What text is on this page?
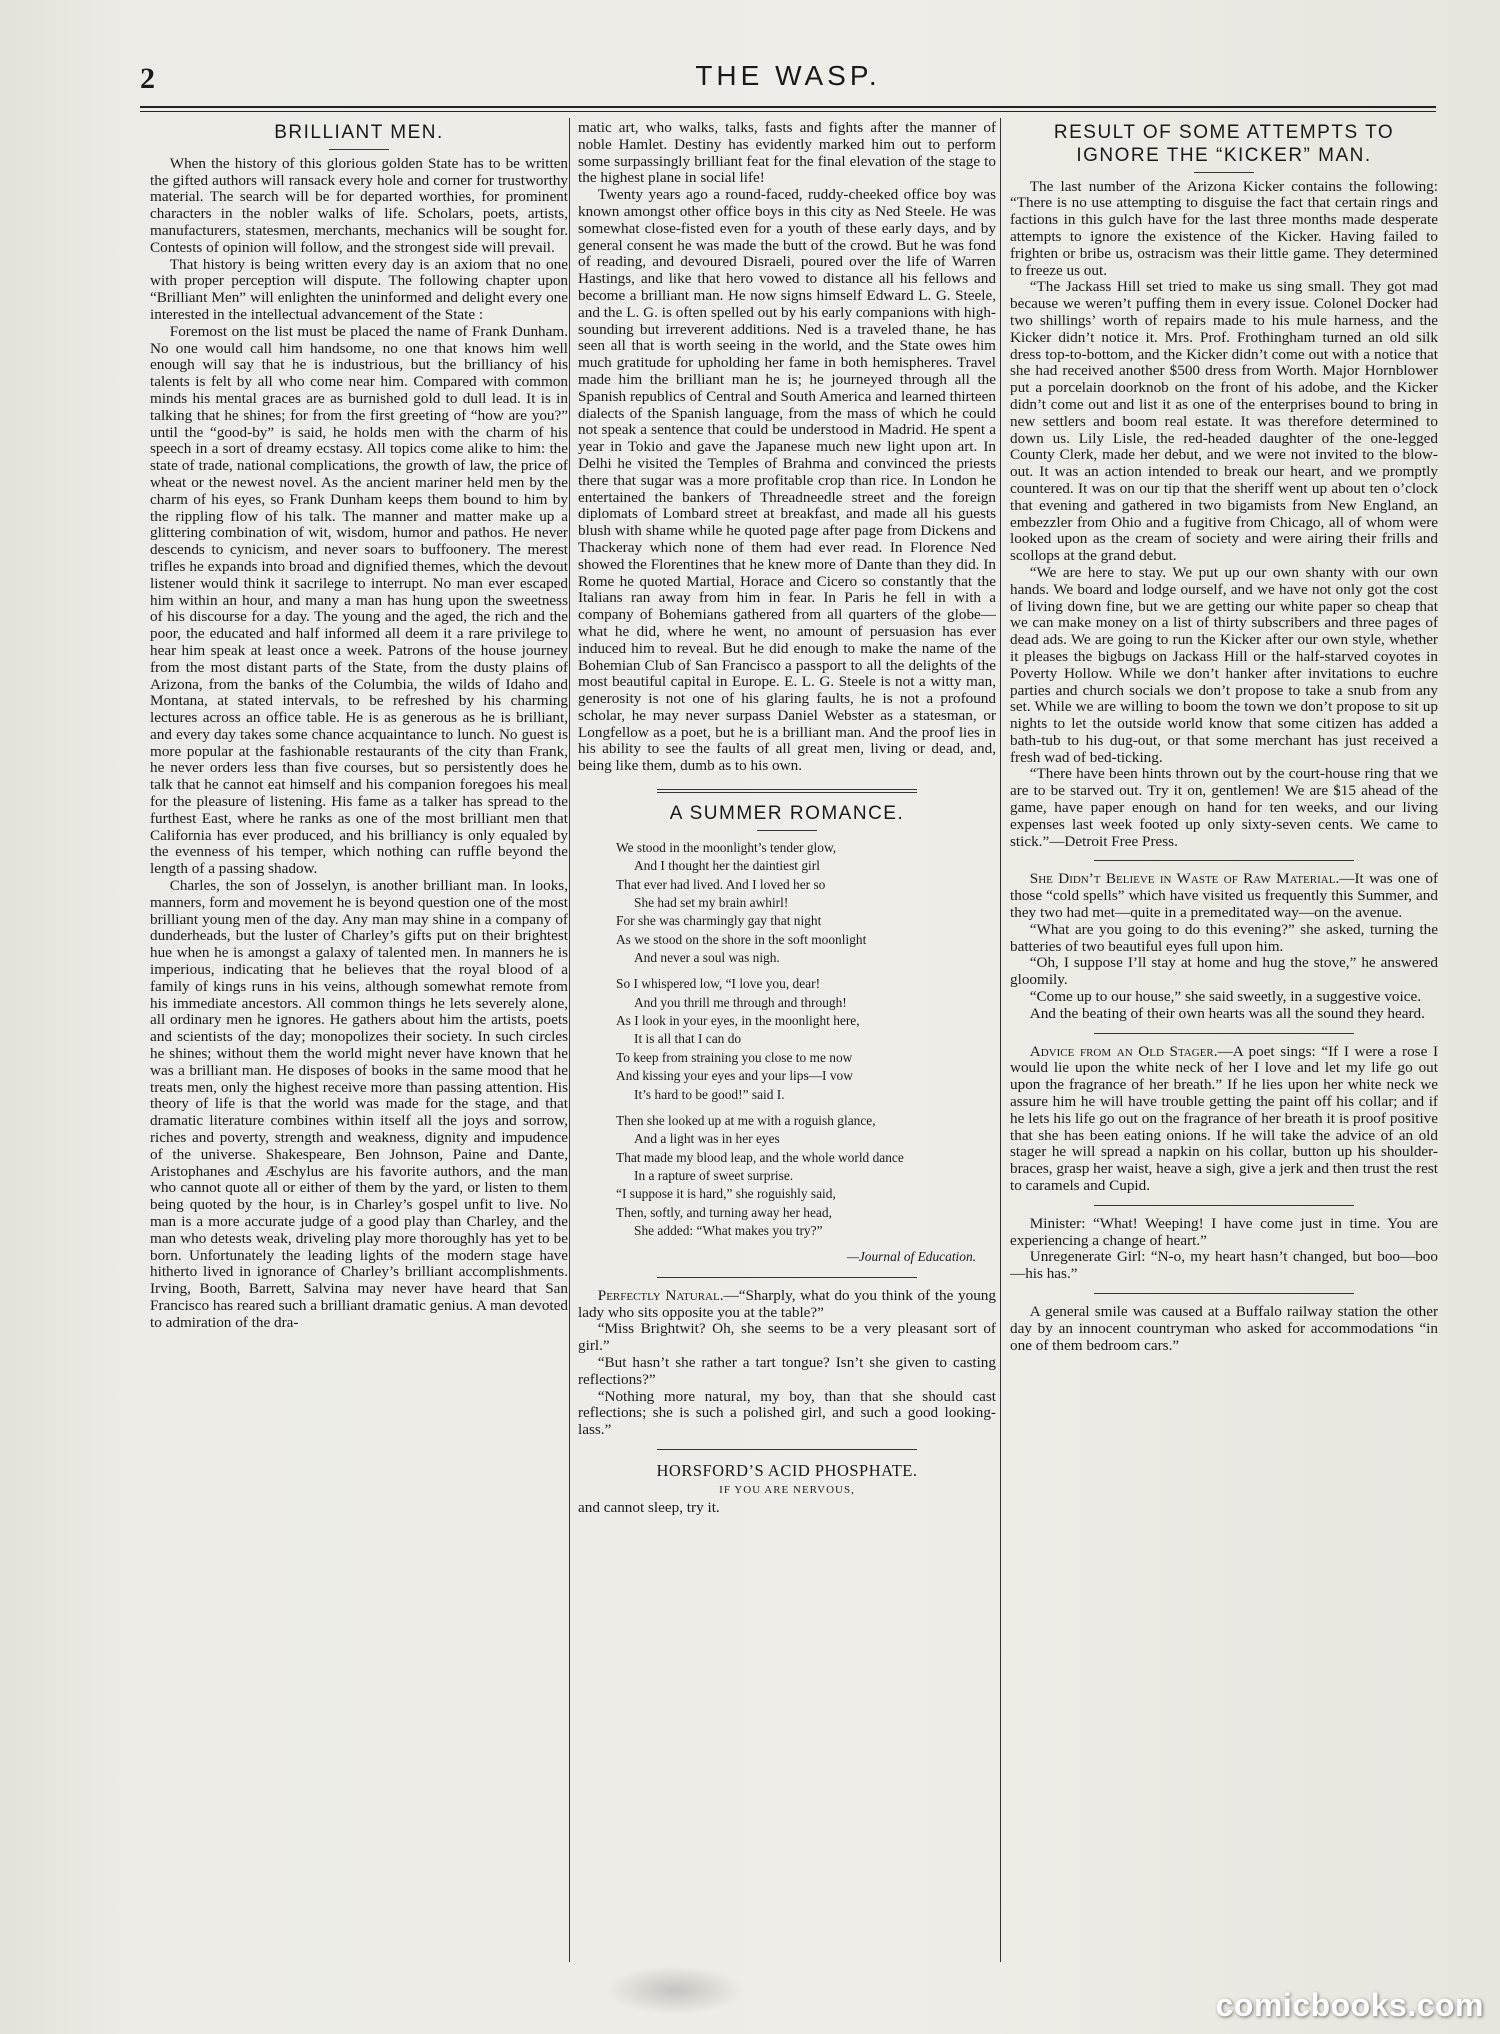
2	THE WASP.
BRILLIANT MEN.

When the history of this glorious golden State has to be written the gifted authors will ransack every hole and corner for trustworthy material. The search will be for departed worthies, for prominent characters in the nobler walks of life. Scholars, poets, artists, manufacturers, statesmen, merchants, mechanics will be sought for. Contests of opinion will follow, and the strongest side will prevail.

That history is being written every day is an axiom that no one with proper perception will dispute. The following chapter upon “Brilliant Men” will enlighten the uninformed and delight every one interested in the intellectual advancement of the State :

Foremost on the list must be placed the name of Frank Dunham. No one would call him handsome, no one that knows him well enough will say that he is industrious, but the brilliancy of his talents is felt by all who come near him. Compared with common minds his mental graces are as burnished gold to dull lead. It is in talking that he shines; for from the first greeting of “how are you?” until the “good-by” is said, he holds men with the charm of his speech in a sort of dreamy ecstasy. All topics come alike to him: the state of trade, national complications, the growth of law, the price of wheat or the newest novel. As the ancient mariner held men by the charm of his eyes, so Frank Dunham keeps them bound to him by the rippling flow of his talk. The manner and matter make up a glittering combination of wit, wisdom, humor and pathos. He never descends to cynicism, and never soars to buffoonery. The merest trifles he expands into broad and dignified themes, which the devout listener would think it sacrilege to interrupt. No man ever escaped him within an hour, and many a man has hung upon the sweetness of his discourse for a day. The young and the aged, the rich and the poor, the educated and half informed all deem it a rare privilege to hear him speak at least once a week. Patrons of the house journey from the most distant parts of the State, from the dusty plains of Arizona, from the banks of the Columbia, the wilds of Idaho and Montana, at stated intervals, to be refreshed by his charming lectures across an office table. He is as generous as he is brilliant, and every day takes some chance acquaintance to lunch. No guest is more popular at the fashionable restaurants of the city than Frank, he never orders less than five courses, but so persistently does he talk that he cannot eat himself and his companion foregoes his meal for the pleasure of listening. His fame as a talker has spread to the furthest East, where he ranks as one of the most brilliant men that California has ever produced, and his brilliancy is only equaled by the evenness of his temper, which nothing can ruffle beyond the length of a passing shadow.

Charles, the son of Josselyn, is another brilliant man. In looks, manners, form and movement he is beyond question one of the most brilliant young men of the day. Any man may shine in a company of dunderheads, but the luster of Charley’s gifts put on their brightest hue when he is amongst a galaxy of talented men. In manners he is imperious, indicating that he believes that the royal blood of a family of kings runs in his veins, although somewhat remote from his immediate ancestors. All common things he lets severely alone, all ordinary men he ignores. He gathers about him the artists, poets and scientists of the day; monopolizes their society. In such circles he shines; without them the world might never have known that he was a brilliant man. He disposes of books in the same mood that he treats men, only the highest receive more than passing attention. His theory of life is that the world was made for the stage, and that dramatic literature combines within itself all the joys and sorrow, riches and poverty, strength and weakness, dignity and impudence of the universe. Shakespeare, Ben Johnson, Paine and Dante, Aristophanes and Æschylus are his favorite authors, and the man who cannot quote all or either of them by the yard, or listen to them being quoted by the hour, is in Charley’s gospel unfit to live. No man is a more accurate judge of a good play than Charley, and the man who detests weak, driveling play more thoroughly has yet to be born. Unfortunately the leading lights of the modern stage have hitherto lived in ignorance of Charley’s brilliant accomplishments. Irving, Booth, Barrett, Salvina may never have heard that San Francisco has reared such a brilliant dramatic genius. A man devoted to admiration of the dra-

matic art, who walks, talks, fasts and fights after the manner of noble Hamlet. Destiny has evidently marked him out to perform some surpassingly brilliant feat for the final elevation of the stage to the highest plane in social life!

Twenty years ago a round-faced, ruddy-cheeked office boy was known amongst other office boys in this city as Ned Steele. He was somewhat close-fisted even for a youth of these early days, and by general consent he was made the butt of the crowd. But he was fond of reading, and devoured Disraeli, poured over the life of Warren Hastings, and like that hero vowed to distance all his fellows and become a brilliant man. He now signs himself Edward L. G. Steele, and the L. G. is often spelled out by his early companions with high-sounding but irreverent additions. Ned is a traveled thane, he has seen all that is worth seeing in the world, and the State owes him much gratitude for upholding her fame in both hemispheres. Travel made him the brilliant man he is; he journeyed through all the Spanish republics of Central and South America and learned thirteen dialects of the Spanish language, from the mass of which he could not speak a sentence that could be understood in Madrid. He spent a year in Tokio and gave the Japanese much new light upon art. In Delhi he visited the Temples of Brahma and convinced the priests there that sugar was a more profitable crop than rice. In London he entertained the bankers of Threadneedle street and the foreign diplomats of Lombard street at breakfast, and made all his guests blush with shame while he quoted page after page from Dickens and Thackeray which none of them had ever read. In Florence Ned showed the Florentines that he knew more of Dante than they did. In Rome he quoted Martial, Horace and Cicero so constantly that the Italians ran away from him in fear. In Paris he fell in with a company of Bohemians gathered from all quarters of the globe—what he did, where he went, no amount of persuasion has ever induced him to reveal. But he did enough to make the name of the Bohemian Club of San Francisco a passport to all the delights of the most beautiful capital in Europe. E. L. G. Steele is not a witty man, generosity is not one of his glaring faults, he is not a profound scholar, he may never surpass Daniel Webster as a statesman, or Longfellow as a poet, but he is a brilliant man. And the proof lies in his ability to see the faults of all great men, living or dead, and, being like them, dumb as to his own.

A SUMMER ROMANCE.
We stood in the moonlight’s tender glow,
And I thought her the daintiest girl
That ever had lived. And I loved her so
She had set my brain awhirl!
For she was charmingly gay that night
As we stood on the shore in the soft moonlight
And never a soul was nigh.
So I whispered low, “I love you, dear!
And you thrill me through and through!
As I look in your eyes, in the moonlight here,
It is all that I can do
To keep from straining you close to me now
And kissing your eyes and your lips—I vow
It’s hard to be good!” said I.
Then she looked up at me with a roguish glance,
And a light was in her eyes
That made my blood leap, and the whole world dance
In a rapture of sweet surprise.
“I suppose it is hard,” she roguishly said,
Then, softly, and turning away her head,
She added: “What makes you try?”
—Journal of Education.

Perfectly Natural.—“Sharply, what do you think of the young lady who sits opposite you at the table?”

“Miss Brightwit? Oh, she seems to be a very pleasant sort of girl.”

“But hasn’t she rather a tart tongue? Isn’t she given to casting reflections?”

“Nothing more natural, my boy, than that she should cast reflections; she is such a polished girl, and such a good looking-lass.”

HORSFORD’S ACID PHOSPHATE.
IF YOU ARE NERVOUS,

and cannot sleep, try it.

RESULT OF SOME ATTEMPTS TO IGNORE THE “KICKER” MAN.

The last number of the Arizona Kicker contains the following: “There is no use attempting to disguise the fact that certain rings and factions in this gulch have for the last three months made desperate attempts to ignore the existence of the Kicker. Having failed to frighten or bribe us, ostracism was their little game. They determined to freeze us out.

“The Jackass Hill set tried to make us sing small. They got mad because we weren’t puffing them in every issue. Colonel Docker had two shillings’ worth of repairs made to his mule harness, and the Kicker didn’t notice it. Mrs. Prof. Frothingham turned an old silk dress top-to-bottom, and the Kicker didn’t come out with a notice that she had received another $500 dress from Worth. Major Hornblower put a porcelain doorknob on the front of his adobe, and the Kicker didn’t come out and list it as one of the enterprises bound to bring in new settlers and boom real estate. It was therefore determined to down us. Lily Lisle, the red-headed daughter of the one-legged County Clerk, made her debut, and we were not invited to the blow-out. It was an action intended to break our heart, and we promptly countered. It was on our tip that the sheriff went up about ten o’clock that evening and gathered in two bigamists from New England, an embezzler from Ohio and a fugitive from Chicago, all of whom were looked upon as the cream of society and were airing their frills and scollops at the grand debut.

“We are here to stay. We put up our own shanty with our own hands. We board and lodge ourself, and we have not only got the cost of living down fine, but we are getting our white paper so cheap that we can make money on a list of thirty subscribers and three pages of dead ads. We are going to run the Kicker after our own style, whether it pleases the bigbugs on Jackass Hill or the half-starved coyotes in Poverty Hollow. While we don’t hanker after invitations to euchre parties and church socials we don’t propose to take a snub from any set. While we are willing to boom the town we don’t propose to sit up nights to let the outside world know that some citizen has added a bath-tub to his dug-out, or that some merchant has just received a fresh wad of bed-ticking.

“There have been hints thrown out by the court-house ring that we are to be starved out. Try it on, gentlemen! We are $15 ahead of the game, have paper enough on hand for ten weeks, and our living expenses last week footed up only sixty-seven cents. We came to stick.”—Detroit Free Press.

She Didn’t Believe in Waste of Raw Material.—It was one of those “cold spells” which have visited us frequently this Summer, and they two had met—quite in a premeditated way—on the avenue.

“What are you going to do this evening?” she asked, turning the batteries of two beautiful eyes full upon him.

“Oh, I suppose I’ll stay at home and hug the stove,” he answered gloomily.

“Come up to our house,” she said sweetly, in a suggestive voice.

And the beating of their own hearts was all the sound they heard.

Advice from an Old Stager.—A poet sings: “If I were a rose I would lie upon the white neck of her I love and let my life go out upon the fragrance of her breath.” If he lies upon her white neck we assure him he will have trouble getting the paint off his collar; and if he lets his life go out on the fragrance of her breath it is proof positive that she has been eating onions. If he will take the advice of an old stager he will spread a napkin on his collar, button up his shoulder-braces, grasp her waist, heave a sigh, give a jerk and then trust the rest to caramels and Cupid.

Minister: “What! Weeping! I have come just in time. You are experiencing a change of heart.”

Unregenerate Girl: “N-o, my heart hasn’t changed, but boo—boo—his has.”

A general smile was caused at a Buffalo railway station the other day by an innocent countryman who asked for accommodations “in one of them bedroom cars.”

comicbooks.com
